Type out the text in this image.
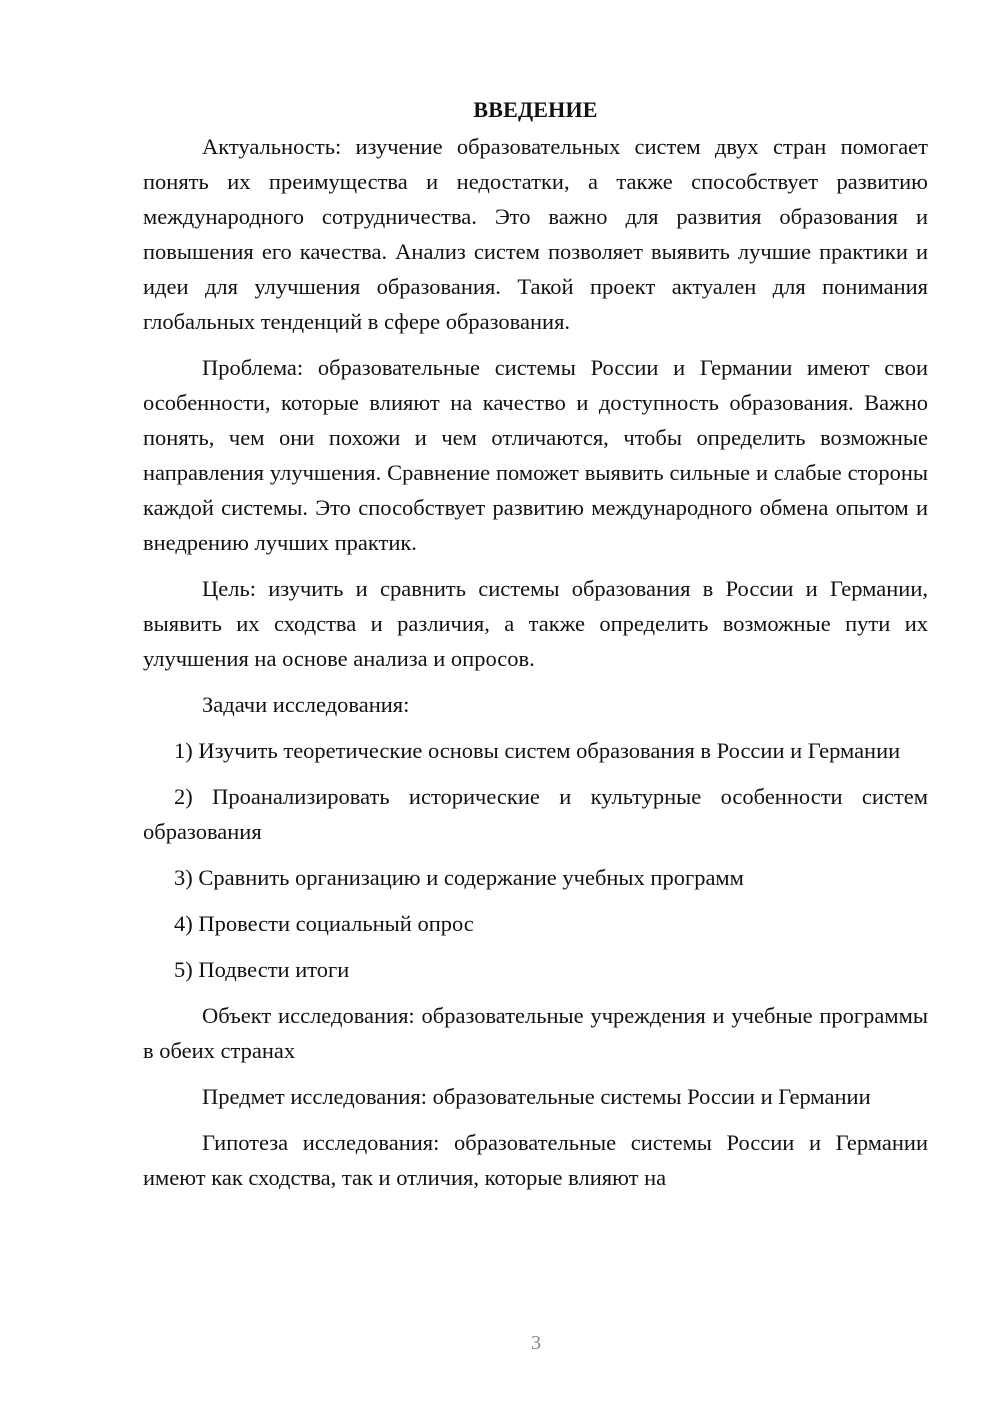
ВВЕДЕНИЕ

Актуальность: изучение образовательных систем двух стран помогает понять их преимущества и недостатки, а также способствует развитию международного сотрудничества. Это важно для развития образования и повышения его качества. Анализ систем позволяет выявить лучшие практики и идеи для улучшения образования. Такой проект актуален для понимания глобальных тенденций в сфере образования.

Проблема: образовательные системы России и Германии имеют свои особенности, которые влияют на качество и доступность образования. Важно понять, чем они похожи и чем отличаются, чтобы определить возможные направления улучшения. Сравнение поможет выявить сильные и слабые стороны каждой системы. Это способствует развитию международного обмена опытом и внедрению лучших практик.

Цель: изучить и сравнить системы образования в России и Германии, выявить их сходства и различия, а также определить возможные пути их улучшения на основе анализа и опросов.

Задачи исследования:

1) Изучить теоретические основы систем образования в России и Германии

2) Проанализировать исторические и культурные особенности систем образования

3) Сравнить организацию и содержание учебных программ

4) Провести социальный опрос

5) Подвести итоги

Объект исследования: образовательные учреждения и учебные программы в обеих странах

Предмет исследования: образовательные системы России и Германии

Гипотеза исследования: образовательные системы России и Германии имеют как сходства, так и отличия, которые влияют на

3
